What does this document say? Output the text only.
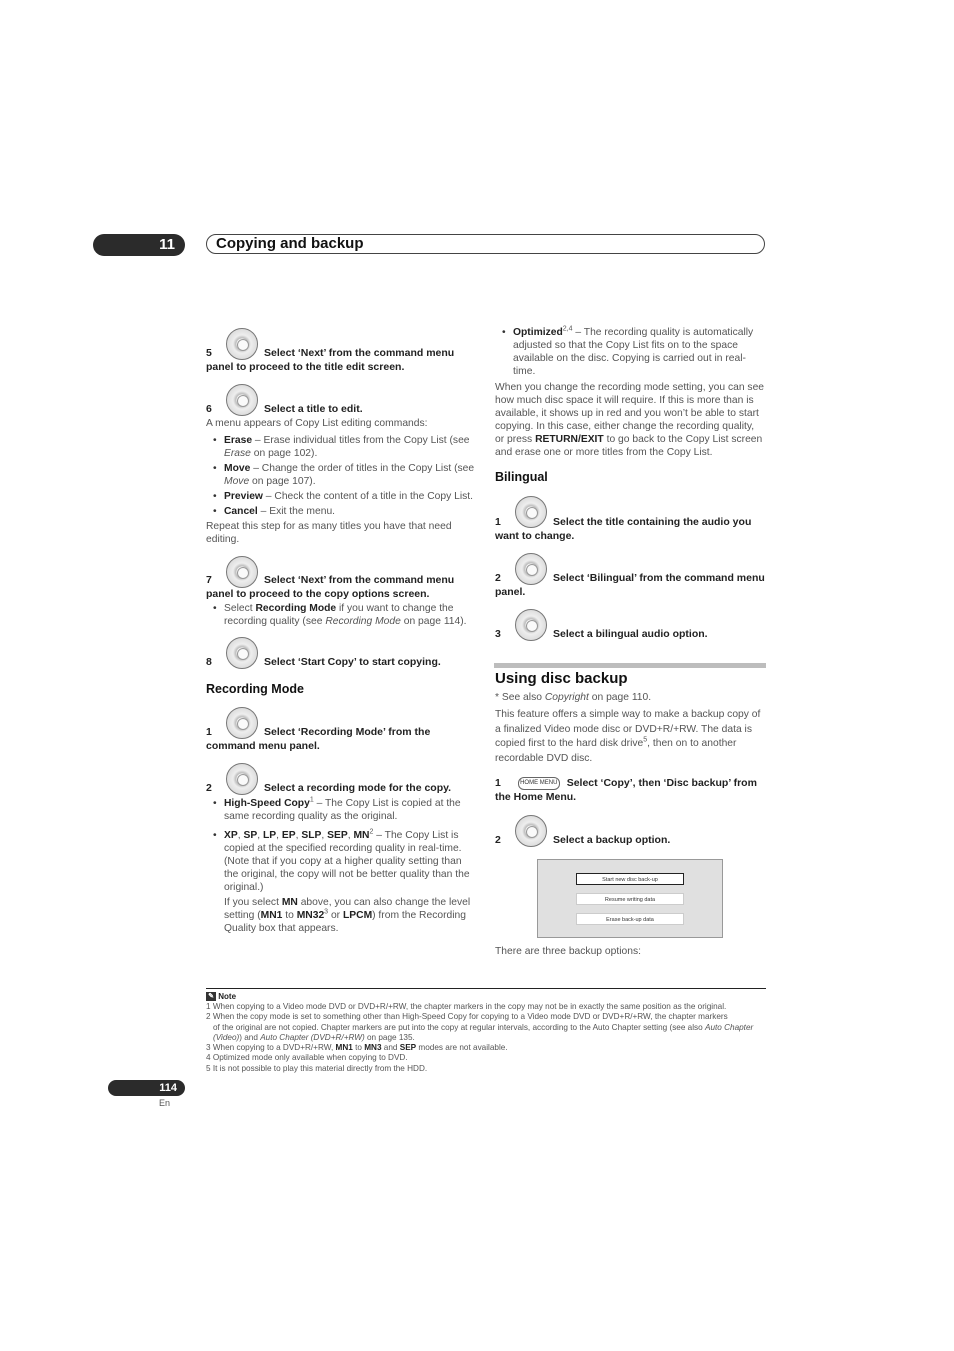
11	Copying and backup
5	Select ‘Next’ from the command menu panel to proceed to the title edit screen.
6	Select a title to edit.

A menu appears of Copy List editing commands:

• Erase – Erase individual titles from the Copy List (see Erase on page 102).
• Move – Change the order of titles in the Copy List (see Move on page 107).
• Preview – Check the content of a title in the Copy List.
• Cancel – Exit the menu.

Repeat this step for as many titles you have that need editing.

7	Select ‘Next’ from the command menu panel to proceed to the copy options screen.
• Select Recording Mode if you want to change the recording quality (see Recording Mode on page 114).
8	Select ‘Start Copy’ to start copying.
Recording Mode
1	Select ‘Recording Mode’ from the command menu panel.
2	Select a recording mode for the copy.
• High-Speed Copy$^1$ – The Copy List is copied at the same recording quality as the original.
• XP, SP, LP, EP, SLP, SEP, $MN^2$ – The Copy List is copied at the specified recording quality in real-time. (Note that if you copy at a higher quality setting than the original, the copy will not be better quality than the original.)

If you select MN above, you can also change the level setting (MN1 to $MN32^3$ or LPCM) from the Recording Quality box that appears.

• Optimized$^{2,4}$ – The recording quality is automatically adjusted so that the Copy List fits on to the space available on the disc. Copying is carried out in real-time.

When you change the recording mode setting, you can see how much disc space it will require. If this is more than is available, it shows up in red and you won’t be able to start copying. In this case, either change the recording quality, or press RETURN/EXIT to go back to the Copy List screen and erase one or more titles from the Copy List.

Bilingual
1	Select the title containing the audio you want to change.
2	Select ‘Bilingual’ from the command menu panel.
3	Select a bilingual audio option.
Using disc backup

* See also Copyright on page 110.

This feature offers a simple way to make a backup copy of a finalized Video mode disc or DVD+R/+RW. The data is copied first to the hard disk drive$^5$, then on to another recordable DVD disc.

1	HOME MENU Select ‘Copy’, then ‘Disc backup’ from the Home Menu.
2	Select a backup option.
Start new disc back-up
Resume writing data
Erase back-up data

There are three backup options:

✎ Note

1 When copying to a Video mode DVD or DVD+R/+RW, the chapter markers in the copy may not be in exactly the same position as the original.

2 When the copy mode is set to something other than High-Speed Copy for copying to a Video mode DVD or DVD+R/+RW, the chapter markers

of the original are not copied. Chapter markers are put into the copy at regular intervals, according to the Auto Chapter setting (see also Auto Chapter (Video)) and Auto Chapter (DVD+R/+RW) on page 135.

3 When copying to a DVD+R/+RW, MN1 to MN3 and SEP modes are not available.

4 Optimized mode only available when copying to DVD.

5 It is not possible to play this material directly from the HDD.

114
En
